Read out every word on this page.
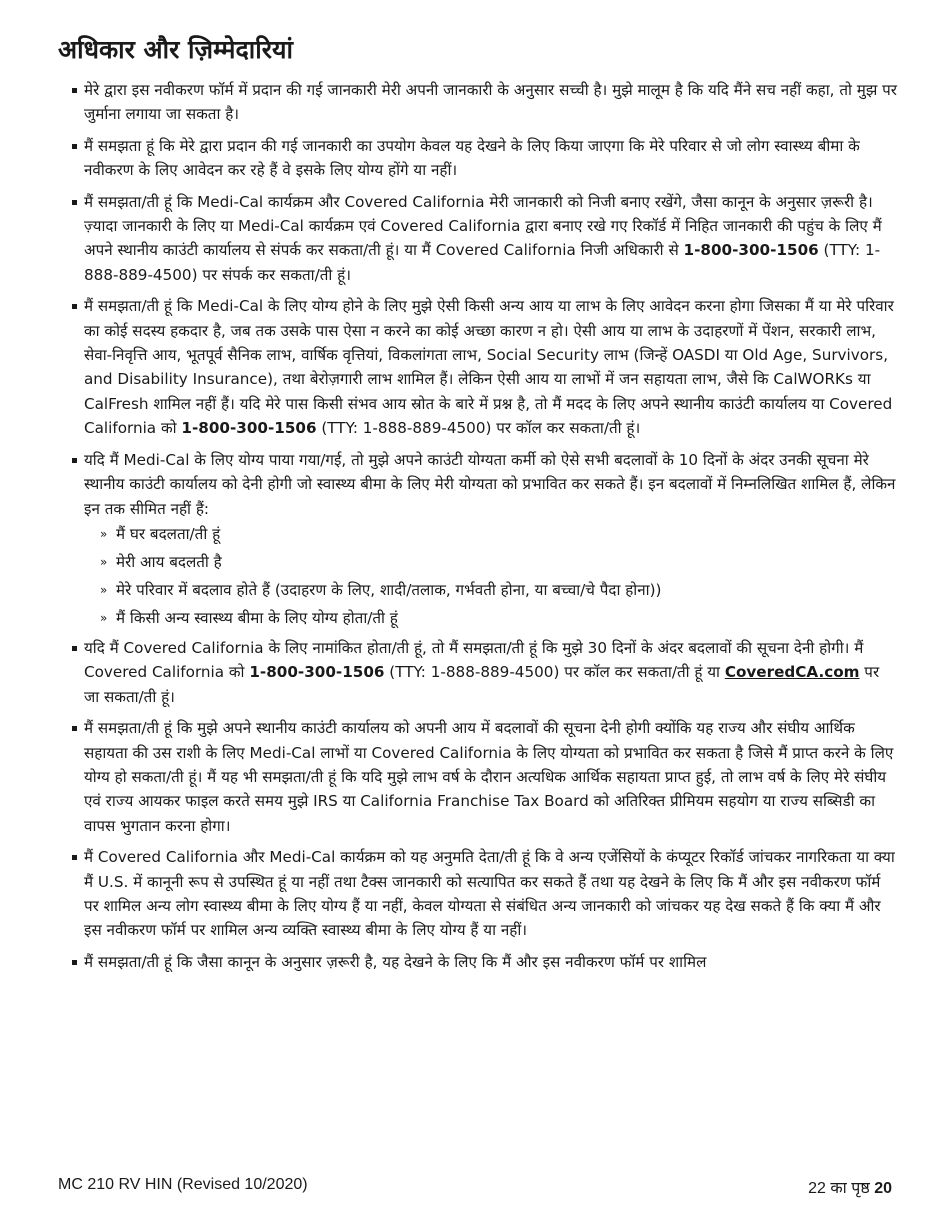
अधिकार और ज़िम्मेदारियां
मेरे द्वारा इस नवीकरण फॉर्म में प्रदान की गई जानकारी मेरी अपनी जानकारी के अनुसार सच्ची है। मुझे मालूम है कि यदि मैंने सच नहीं कहा, तो मुझ पर जुर्माना लगाया जा सकता है।
मैं समझता हूं कि मेरे द्वारा प्रदान की गई जानकारी का उपयोग केवल यह देखने के लिए किया जाएगा कि मेरे परिवार से जो लोग स्वास्थ्य बीमा के नवीकरण के लिए आवेदन कर रहे हैं वे इसके लिए योग्य होंगे या नहीं।
मैं समझता/ती हूं कि Medi-Cal कार्यक्रम और Covered California मेरी जानकारी को निजी बनाए रखेंगे, जैसा कानून के अनुसार ज़रूरी है। ज़्यादा जानकारी के लिए या Medi-Cal कार्यक्रम एवं Covered California द्वारा बनाए रखे गए रिकॉर्ड में निहित जानकारी की पहुंच के लिए मैं अपने स्थानीय काउंटी कार्यालय से संपर्क कर सकता/ती हूं। या मैं Covered California निजी अधिकारी से 1-800-300-1506 (TTY: 1-888-889-4500) पर संपर्क कर सकता/ती हूं।
मैं समझता/ती हूं कि Medi-Cal के लिए योग्य होने के लिए मुझे ऐसी किसी अन्य आय या लाभ के लिए आवेदन करना होगा जिसका मैं या मेरे परिवार का कोई सदस्य हकदार है, जब तक उसके पास ऐसा न करने का कोई अच्छा कारण न हो। ऐसी आय या लाभ के उदाहरणों में पेंशन, सरकारी लाभ, सेवा-निवृत्ति आय, भूतपूर्व सैनिक लाभ, वार्षिक वृत्तियां, विकलांगता लाभ, Social Security लाभ (जिन्हें OASDI या Old Age, Survivors, and Disability Insurance), तथा बेरोज़गारी लाभ शामिल हैं। लेकिन ऐसी आय या लाभों में जन सहायता लाभ, जैसे कि CalWORKs या CalFresh शामिल नहीं हैं। यदि मेरे पास किसी संभव आय स्रोत के बारे में प्रश्न है, तो मैं मदद के लिए अपने स्थानीय काउंटी कार्यालय या Covered California को 1-800-300-1506 (TTY: 1-888-889-4500) पर कॉल कर सकता/ती हूं।
यदि मैं Medi-Cal के लिए योग्य पाया गया/गई, तो मुझे अपने काउंटी योग्यता कर्मी को ऐसे सभी बदलावों के 10 दिनों के अंदर उनकी सूचना मेरे स्थानीय काउंटी कार्यालय को देनी होगी जो स्वास्थ्य बीमा के लिए मेरी योग्यता को प्रभावित कर सकते हैं। इन बदलावों में निम्नलिखित शामिल हैं, लेकिन इन तक सीमित नहीं हैं:
» मैं घर बदलता/ती हूं
» मेरी आय बदलती है
» मेरे परिवार में बदलाव होते हैं (उदाहरण के लिए, शादी/तलाक, गर्भवती होना, या बच्चा/चे पैदा होना))
» मैं किसी अन्य स्वास्थ्य बीमा के लिए योग्य होता/ती हूं
यदि मैं Covered California के लिए नामांकित होता/ती हूं, तो मैं समझता/ती हूं कि मुझे 30 दिनों के अंदर बदलावों की सूचना देनी होगी। मैं Covered California को 1-800-300-1506 (TTY: 1-888-889-4500) पर कॉल कर सकता/ती हूं या CoveredCA.com पर जा सकता/ती हूं।
मैं समझता/ती हूं कि मुझे अपने स्थानीय काउंटी कार्यालय को अपनी आय में बदलावों की सूचना देनी होगी क्योंकि यह राज्य और संघीय आर्थिक सहायता की उस राशी के लिए Medi-Cal लाभों या Covered California के लिए योग्यता को प्रभावित कर सकता है जिसे मैं प्राप्त करने के लिए योग्य हो सकता/ती हूं। मैं यह भी समझता/ती हूं कि यदि मुझे लाभ वर्ष के दौरान अत्यधिक आर्थिक सहायता प्राप्त हुई, तो लाभ वर्ष के लिए मेरे संघीय एवं राज्य आयकर फाइल करते समय मुझे IRS या California Franchise Tax Board को अतिरिक्त प्रीमियम सहयोग या राज्य सब्सिडी का वापस भुगतान करना होगा।
मैं Covered California और Medi-Cal कार्यक्रम को यह अनुमति देता/ती हूं कि वे अन्य एजेंसियों के कंप्यूटर रिकॉर्ड जांचकर नागरिकता या क्या मैं U.S. में कानूनी रूप से उपस्थित हूं या नहीं तथा टैक्स जानकारी को सत्यापित कर सकते हैं तथा यह देखने के लिए कि मैं और इस नवीकरण फॉर्म पर शामिल अन्य लोग स्वास्थ्य बीमा के लिए योग्य हैं या नहीं, केवल योग्यता से संबंधित अन्य जानकारी को जांचकर यह देख सकते हैं कि क्या मैं और इस नवीकरण फॉर्म पर शामिल अन्य व्यक्ति स्वास्थ्य बीमा के लिए योग्य हैं या नहीं।
मैं समझता/ती हूं कि जैसा कानून के अनुसार ज़रूरी है, यह देखने के लिए कि मैं और इस नवीकरण फॉर्म पर शामिल
MC 210 RV HIN (Revised 10/2020)	22 का पृष्ठ 20
